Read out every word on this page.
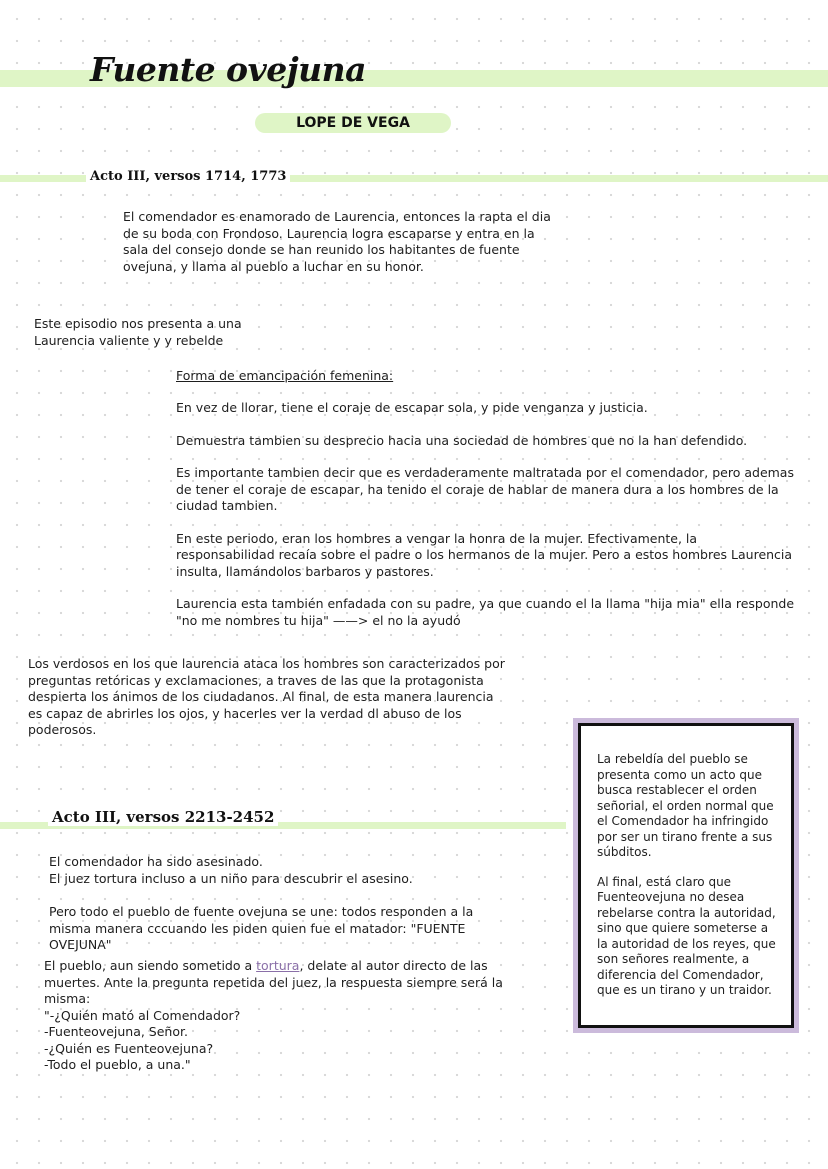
Fuente ovejuna
LOPE DE VEGA
Acto III, versos 1714, 1773
El comendador es enamorado de Laurencia, entonces la rapta el dia de su boda con Frondoso. Laurencia logra escaparse y entra en la sala del consejo donde se han reunido los habitantes de fuente ovejuna, y llama al pueblo a luchar en su honor.
Este episodio nos presenta a una Laurencia valiente y y rebelde
Forma de emancipación femenina:

En vez de llorar, tiene el coraje de escapar sola, y pide venganza y justicia.

Demuestra tambien su desprecio hacia una sociedad de hombres que no la han defendido.

Es importante tambien decir que es verdaderamente maltratada por el comendador, pero ademas de tener el coraje de escapar, ha tenido el coraje de hablar de manera dura a los hombres de la ciudad tambien.

En este periodo, eran los hombres a vengar la honra de la mujer. Efectivamente, la responsabilidad recaía sobre el padre o los hermanos de la mujer. Pero a estos hombres Laurencia insulta, llamándolos barbaros y pastores.

Laurencia esta también enfadada con su padre, ya que cuando el la llama "hija mia" ella responde "no me nombres tu hija" ——> el no la ayudó

Los verdosos en los que laurencia ataca los hombres son caracterizados por preguntas retóricas y exclamaciones, a traves de las que la protagonista despierta los ánimos de los ciudadanos. Al final, de esta manera laurencia es capaz de abrirles los ojos, y hacerles ver la verdad dl abuso de los poderosos.

La rebeldía del pueblo se presenta como un acto que busca restablecer el orden señorial, el orden normal que el Comendador ha infringido por ser un tirano frente a sus súbditos.

Al final, está claro que Fuenteovejuna no desea rebelarse contra la autoridad, sino que quiere someterse a la autoridad de los reyes, que son señores realmente, a diferencia del Comendador, que es un tirano y un traidor.

Acto III, versos 2213-2452
El comendador ha sido asesinado.
El juez tortura incluso a un niño para descubrir el asesino.
Pero todo el pueblo de fuente ovejuna se une: todos responden a la misma manera cccuando les piden quien fue el matador: "FUENTE OVEJUNA"
El pueblo, aun siendo sometido a tortura, delate al autor directo de las muertes. Ante la pregunta repetida del juez, la respuesta siempre será la misma:
"-¿Quién mató al Comendador?
-Fuenteovejuna, Señor.
-¿Quién es Fuenteovejuna?
-Todo el pueblo, a una."
